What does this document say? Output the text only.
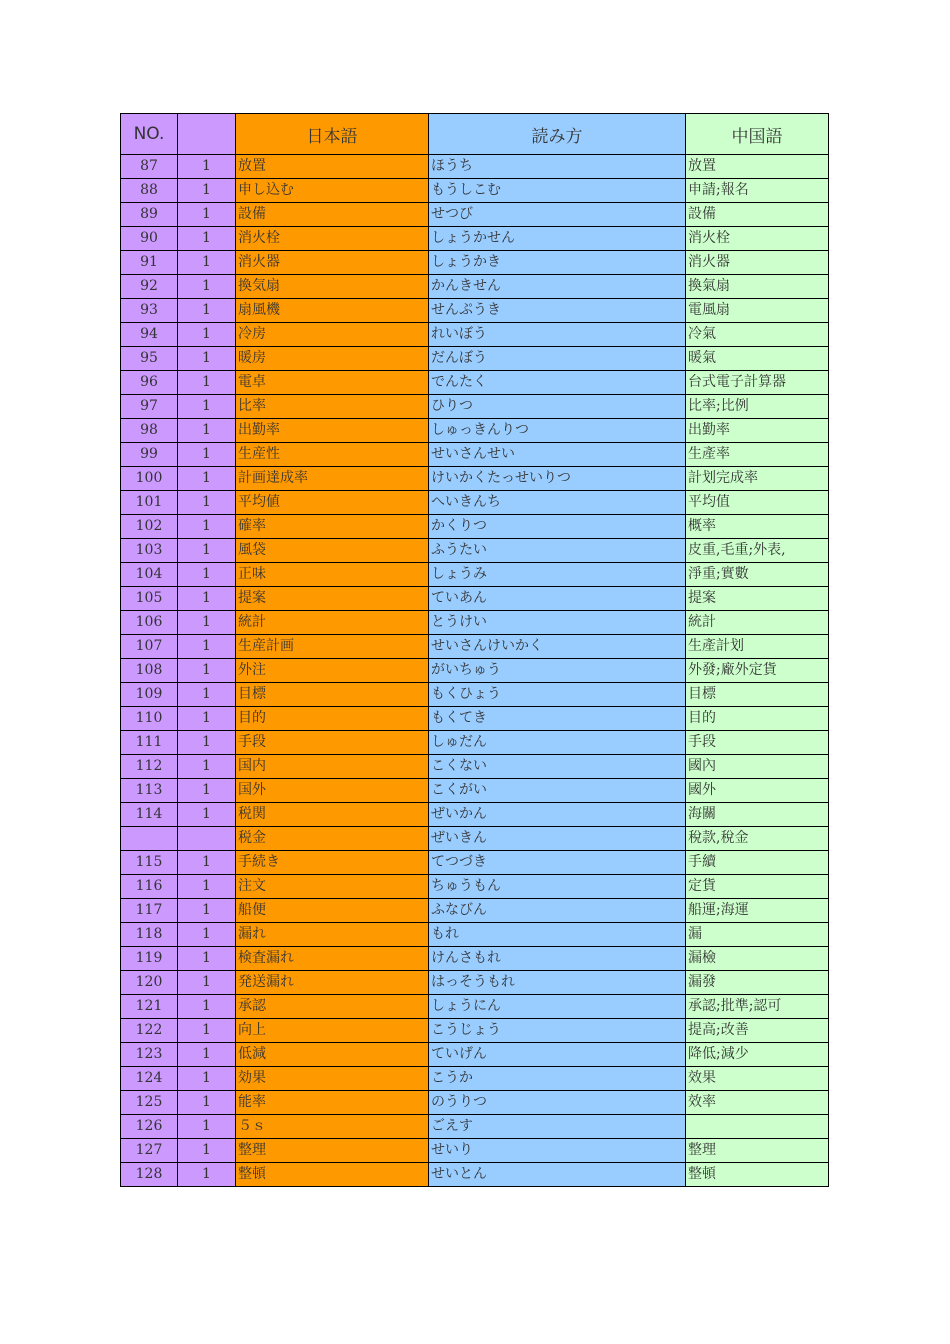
NO.		日本語	読み方	中国語
87	1	放置	ほうち	放置
88	1	申し込む	もうしこむ	申請;報名
89	1	設備	せつび	設備
90	1	消火栓	しょうかせん	消火栓
91	1	消火器	しょうかき	消火器
92	1	換気扇	かんきせん	換氣扇
93	1	扇風機	せんぷうき	電風扇
94	1	冷房	れいぼう	冷氣
95	1	暖房	だんぼう	暖氣
96	1	電卓	でんたく	台式電子計算器
97	1	比率	ひりつ	比率;比例
98	1	出勤率	しゅっきんりつ	出勤率
99	1	生産性	せいさんせい	生產率
100	1	計画達成率	けいかくたっせいりつ	計划完成率
101	1	平均値	へいきんち	平均值
102	1	確率	かくりつ	概率
103	1	風袋	ふうたい	皮重,毛重;外表,
104	1	正味	しょうみ	淨重;實數
105	1	提案	ていあん	提案
106	1	統計	とうけい	統計
107	1	生産計画	せいさんけいかく	生產計划
108	1	外注	がいちゅう	外發;廠外定貨
109	1	目標	もくひょう	目標
110	1	目的	もくてき	目的
111	1	手段	しゅだん	手段
112	1	国内	こくない	國內
113	1	国外	こくがい	國外
114	1	税関	ぜいかん	海關
		税金	ぜいきん	稅款,稅金
115	1	手続き	てつづき	手續
116	1	注文	ちゅうもん	定貨
117	1	船便	ふなびん	船運;海運
118	1	漏れ	もれ	漏
119	1	検査漏れ	けんさもれ	漏檢
120	1	発送漏れ	はっそうもれ	漏發
121	1	承認	しょうにん	承認;批準;認可
122	1	向上	こうじょう	提高;改善
123	1	低減	ていげん	降低;減少
124	1	効果	こうか	效果
125	1	能率	のうりつ	效率
126	1	５ｓ	ごえす	
127	1	整理	せいり	整理
128	1	整頓	せいとん	整頓
